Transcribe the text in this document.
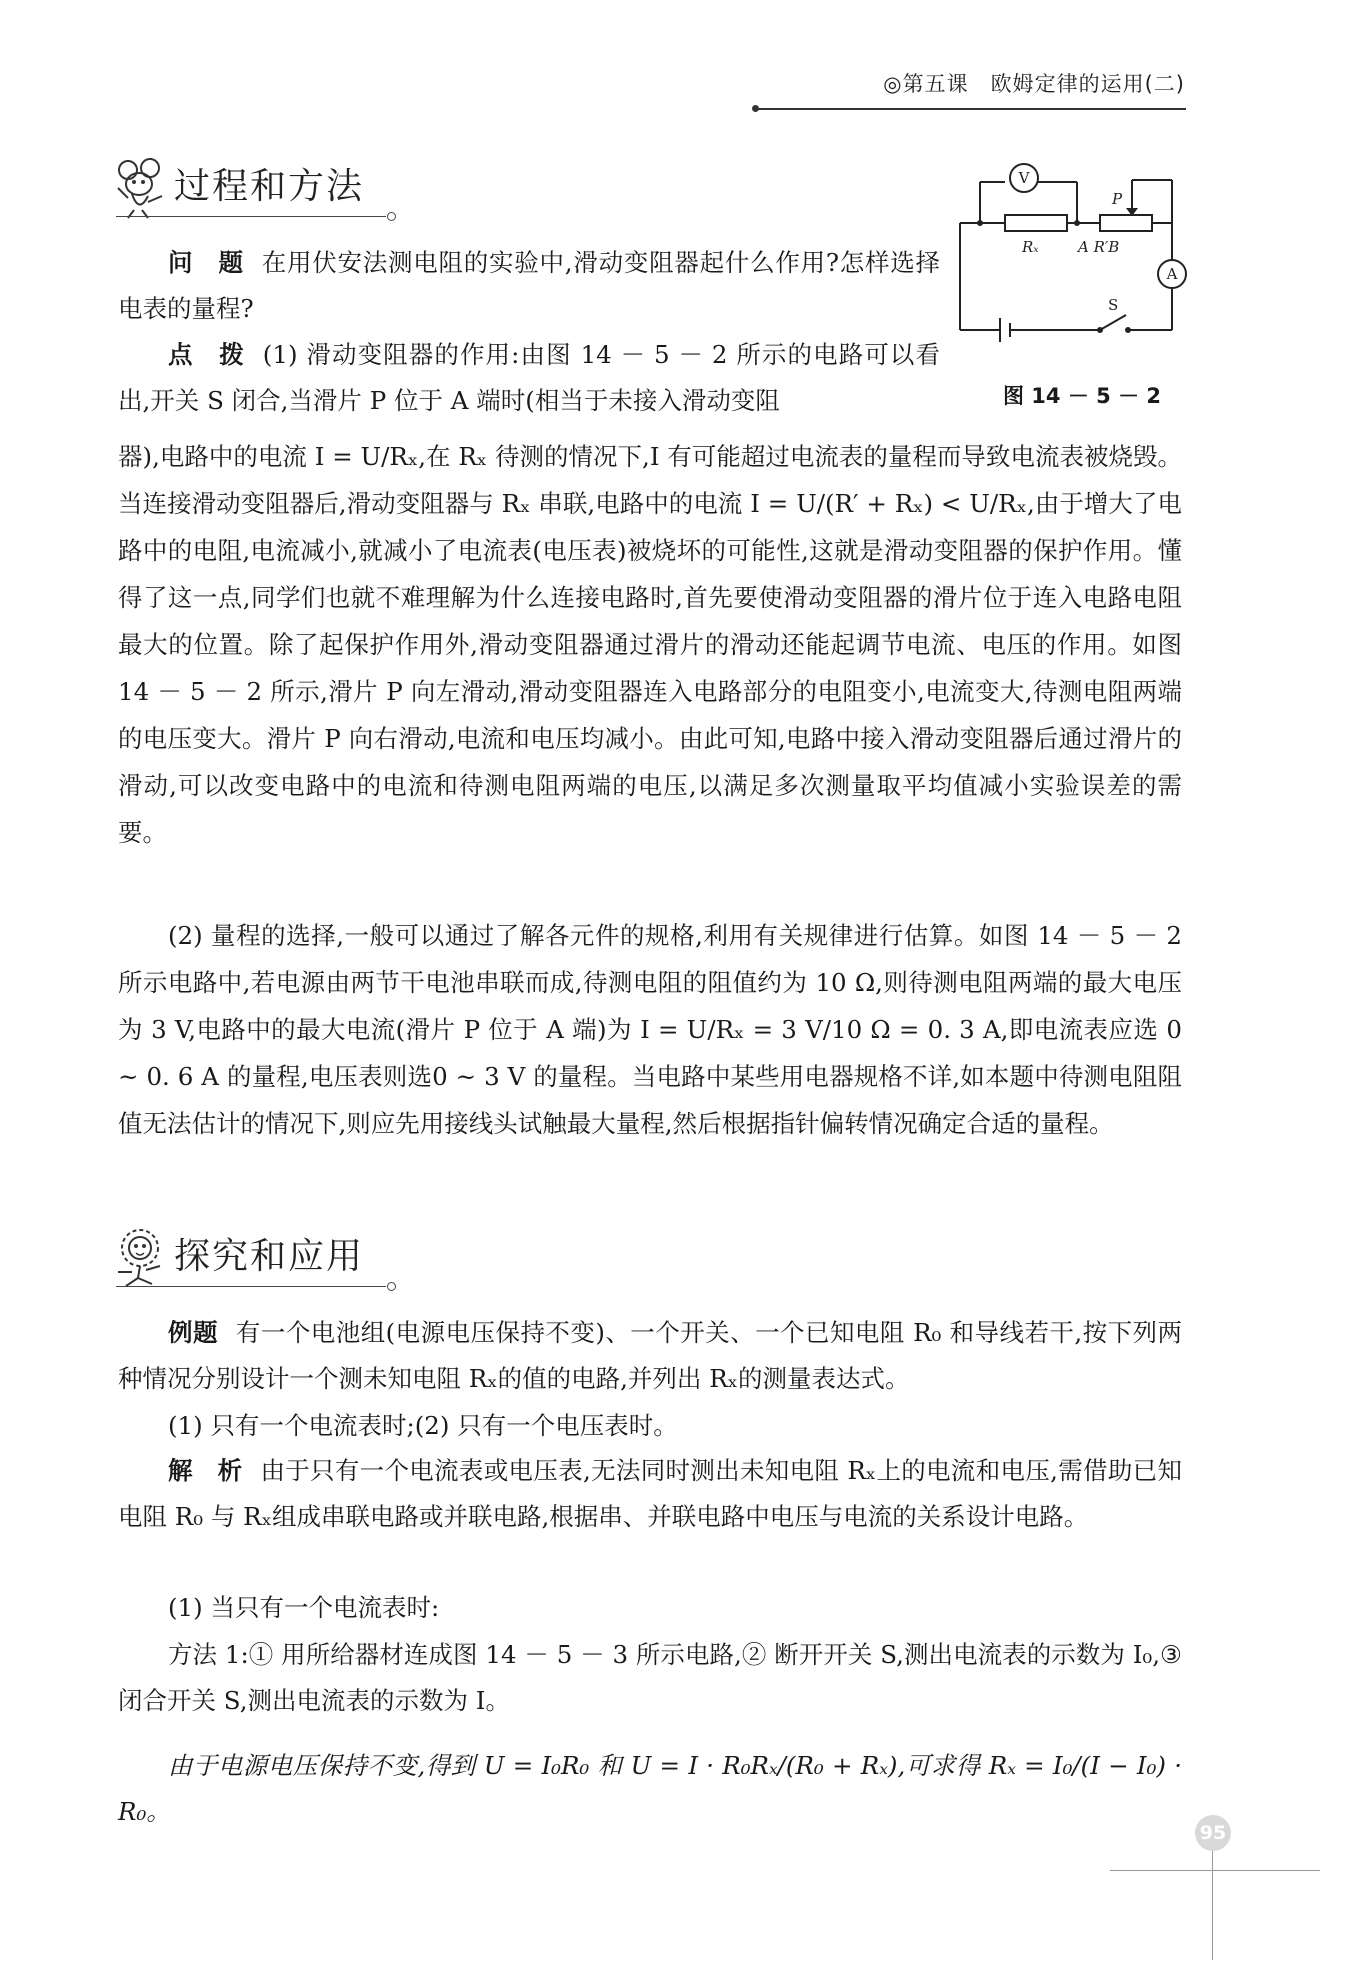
◎第五课　欧姆定律的运用(二)
过程和方法	V
A
Rₓ
P
A R′B
S
图 14 － 5 － 2

问　题 在用伏安法测电阻的实验中,滑动变阻器起什么作用?怎样选择电表的量程?

点　拨 (1) 滑动变阻器的作用:由图 14 － 5 － 2 所示的电路可以看出,开关 S 闭合,当滑片 P 位于 A 端时(相当于未接入滑动变阻

器),电路中的电流 I = U/Rₓ,在 Rₓ 待测的情况下,I 有可能超过电流表的量程而导致电流表被烧毁。当连接滑动变阻器后,滑动变阻器与 Rₓ 串联,电路中的电流 I = U/(R′ + Rₓ) < U/Rₓ,由于增大了电路中的电阻,电流减小,就减小了电流表(电压表)被烧坏的可能性,这就是滑动变阻器的保护作用。懂得了这一点,同学们也就不难理解为什么连接电路时,首先要使滑动变阻器的滑片位于连入电路电阻最大的位置。除了起保护作用外,滑动变阻器通过滑片的滑动还能起调节电流、电压的作用。如图14 － 5 － 2 所示,滑片 P 向左滑动,滑动变阻器连入电路部分的电阻变小,电流变大,待测电阻两端的电压变大。滑片 P 向右滑动,电流和电压均减小。由此可知,电路中接入滑动变阻器后通过滑片的滑动,可以改变电路中的电流和待测电阻两端的电压,以满足多次测量取平均值减小实验误差的需要。

(2) 量程的选择,一般可以通过了解各元件的规格,利用有关规律进行估算。如图 14 － 5 － 2 所示电路中,若电源由两节干电池串联而成,待测电阻的阻值约为 10 Ω,则待测电阻两端的最大电压为 3 V,电路中的最大电流(滑片 P 位于 A 端)为 I = U/Rₓ = 3 V/10 Ω = 0. 3 A,即电流表应选 0 ~ 0. 6 A 的量程,电压表则选0 ~ 3 V 的量程。当电路中某些用电器规格不详,如本题中待测电阻阻值无法估计的情况下,则应先用接线头试触最大量程,然后根据指针偏转情况确定合适的量程。

探究和应用

例题 有一个电池组(电源电压保持不变)、一个开关、一个已知电阻 R₀ 和导线若干,按下列两种情况分别设计一个测未知电阻 Rₓ的值的电路,并列出 Rₓ的测量表达式。

(1) 只有一个电流表时;(2) 只有一个电压表时。

解　析 由于只有一个电流表或电压表,无法同时测出未知电阻 Rₓ上的电流和电压,需借助已知电阻 R₀ 与 Rₓ组成串联电路或并联电路,根据串、并联电路中电压与电流的关系设计电路。

(1) 当只有一个电流表时:

方法 1:① 用所给器材连成图 14 － 5 － 3 所示电路,② 断开开关 S,测出电流表的示数为 I₀,③ 闭合开关 S,测出电流表的示数为 I。

由于电源电压保持不变,得到 U = I₀R₀ 和 U = I · R₀Rₓ/(R₀ + Rₓ),可求得 Rₓ = I₀/(I − I₀) · R₀。

95
